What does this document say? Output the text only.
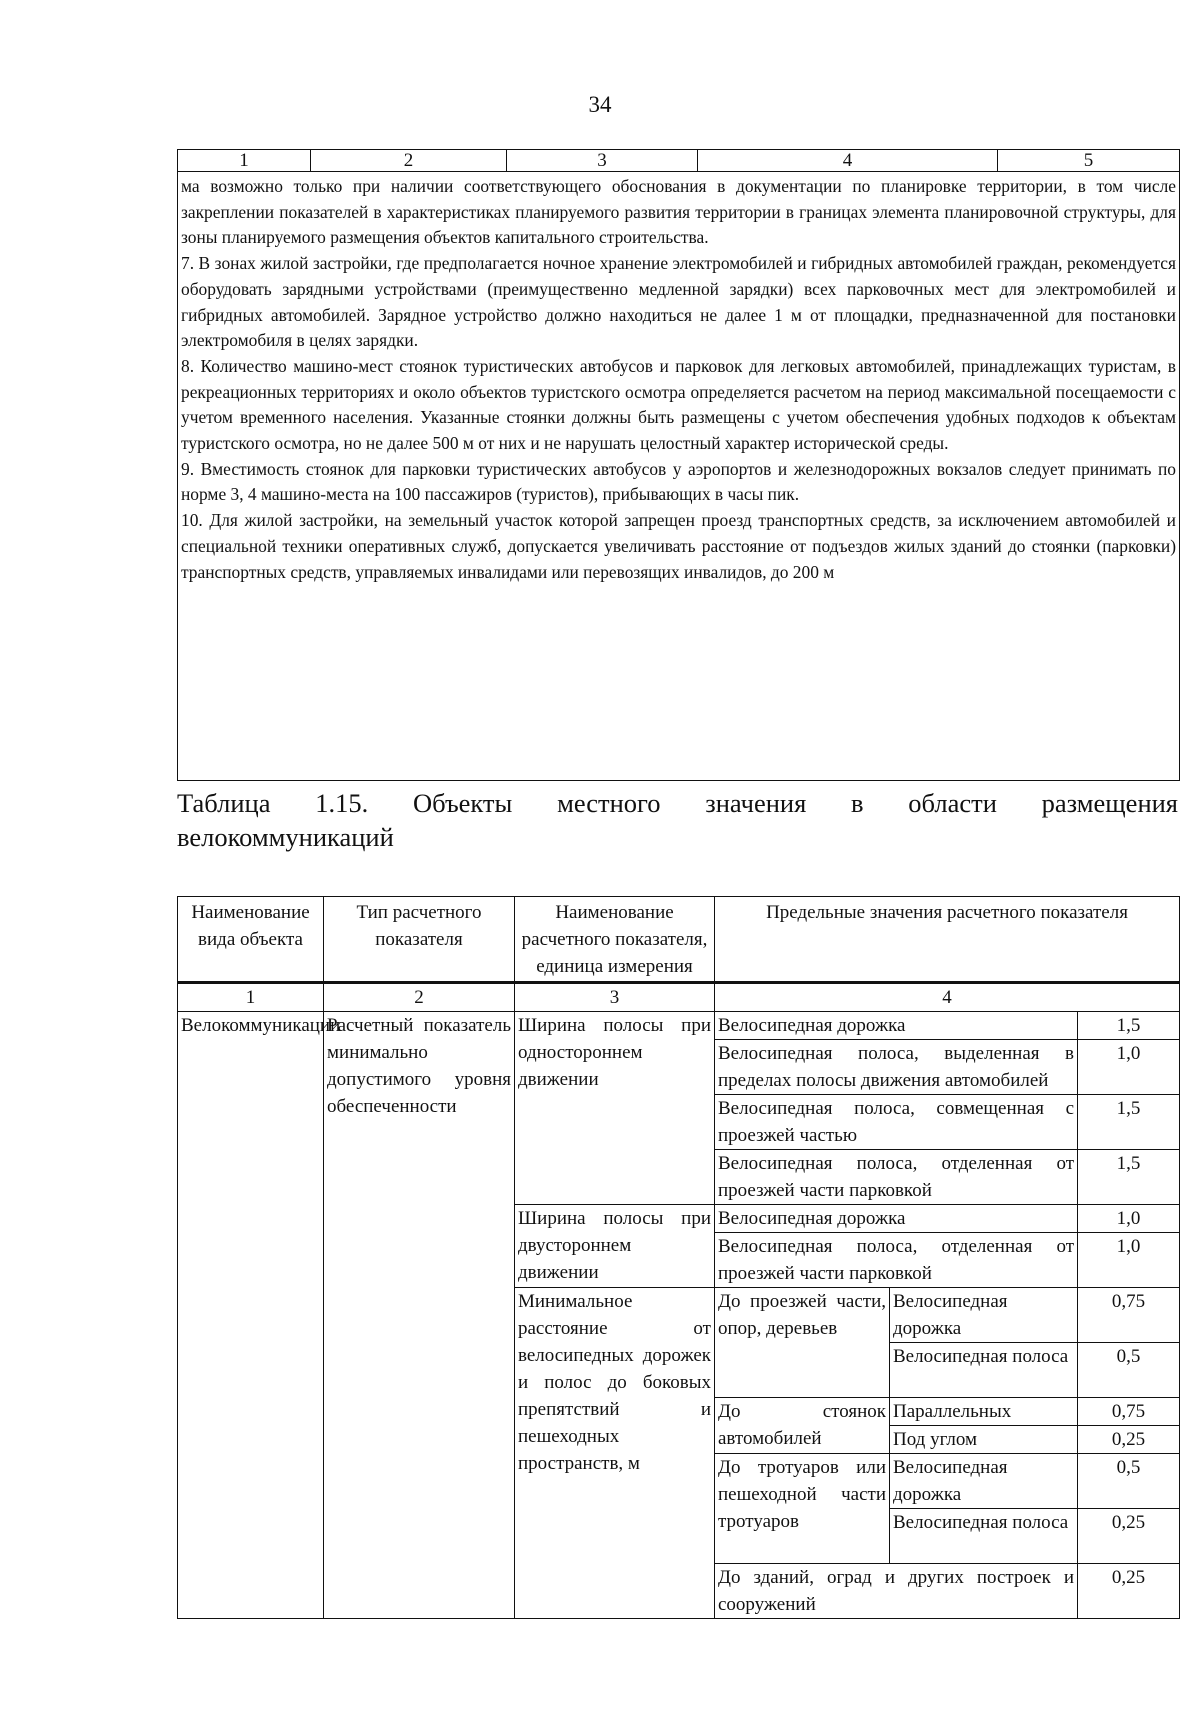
34
1	2	3	4	5

ма возможно только при наличии соответствующего обоснования в документации по планировке территории, в том числе закреплении показателей в характеристиках планируемого развития территории в границах элемента планировочной структуры, для зоны планируемого размещения объектов капитального строительства.

7. В зонах жилой застройки, где предполагается ночное хранение электромобилей и гибридных автомобилей граждан, рекомендуется оборудовать зарядными устройствами (преимущественно медленной зарядки) всех парковочных мест для электромобилей и гибридных автомобилей. Зарядное устройство должно находиться не далее 1 м от площадки, предназначенной для постановки электромобиля в целях зарядки.

8. Количество машино-мест стоянок туристических автобусов и парковок для легковых автомобилей, принадлежащих туристам, в рекреационных территориях и около объектов туристского осмотра определяется расчетом на период максимальной посещаемости с учетом временного населения. Указанные стоянки должны быть размещены с учетом обеспечения удобных подходов к объектам туристского осмотра, но не далее 500 м от них и не нарушать целостный характер исторической среды.

9. Вместимость стоянок для парковки туристических автобусов у аэропортов и железнодорожных вокзалов следует принимать по норме 3, 4 машино-места на 100 пассажиров (туристов), прибывающих в часы пик.

10. Для жилой застройки, на земельный участок которой запрещен проезд транспортных средств, за исключением автомобилей и специальной техники оперативных служб, допускается увеличивать расстояние от подъездов жилых зданий до стоянки (парковки) транспортных средств, управляемых инвалидами или перевозящих инвалидов, до 200 м

Таблица 1.15. Объекты местного значения в области размещения
велокоммуникаций
Наименование вида объекта	Тип расчетного показателя	Наименование расчетного показателя, единица измерения	Предельные значения расчетного показателя		
1	2	3	4		
Велокоммуникации	Расчетный показатель минимально допустимого уровня обеспеченности	Ширина полосы при одностороннем движении	Велосипедная дорожка		1,5
			Велосипедная полоса, выделенная в пределах полосы движения автомобилей		1,0
			Велосипедная полоса, совмещенная с проезжей частью		1,5
			Велосипедная полоса, отделенная от проезжей части парковкой		1,5
		Ширина полосы при двустороннем движении	Велосипедная дорожка		1,0
			Велосипедная полоса, отделенная от проезжей части парковкой		1,0
		Минимальное расстояние от велосипедных дорожек и полос до боковых препятствий и пешеходных пространств, м	До проезжей части, опор, деревьев	Велосипедная дорожка	0,75
				Велосипедная полоса	0,5
			До стоянок автомобилей	Параллельных	0,75
				Под углом	0,25
			До тротуаров или пешеходной части тротуаров	Велосипедная дорожка	0,5
				Велосипедная полоса	0,25
			До зданий, оград и других построек и сооружений		0,25
